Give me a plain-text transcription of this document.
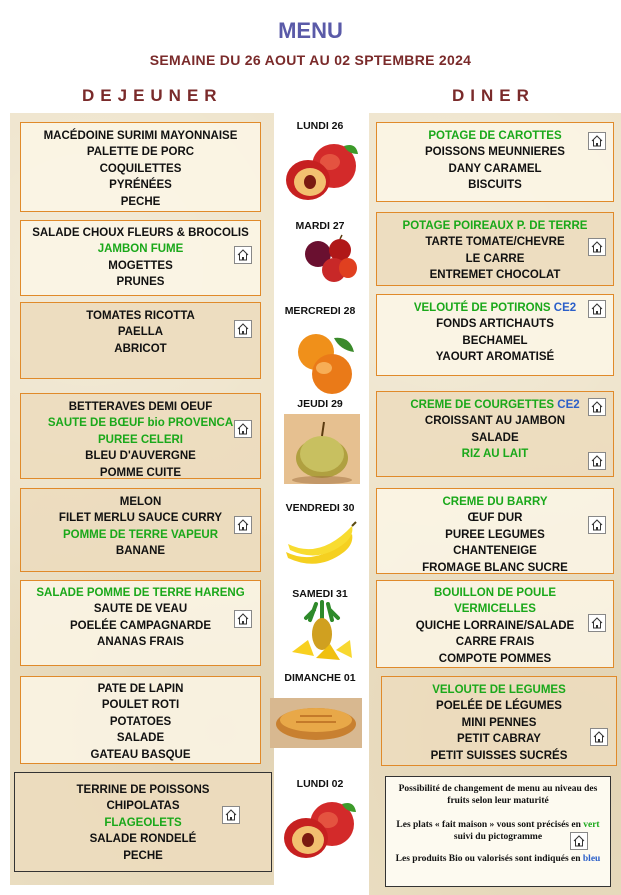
MENU
SEMAINE DU 26 AOUT AU 02 SPTEMBRE 2024
DEJEUNER	DINER
MACÉDOINE SURIMI MAYONNAISE
PALETTE DE PORC
COQUILETTES
PYRÉNÉES
PECHE
SALADE CHOUX FLEURS & BROCOLIS
JAMBON FUME
MOGETTES
PRUNES
TOMATES RICOTTA
PAELLA
ABRICOT
BETTERAVES DEMI OEUF
SAUTE DE BŒUF bio PROVENCA
PUREE CELERI
BLEU D'AUVERGNE
POMME CUITE
MELON
FILET MERLU SAUCE CURRY
POMME DE TERRE VAPEUR
BANANE
SALADE POMME DE TERRE HARENG
SAUTE DE VEAU
POELÉE CAMPAGNARDE
ANANAS FRAIS
PATE DE LAPIN
POULET ROTI
POTATOES
SALADE
GATEAU BASQUE
TERRINE DE POISSONS
CHIPOLATAS
FLAGEOLETS
SALADE RONDELÉ
PECHE
POTAGE DE CAROTTES
POISSONS MEUNNIERES
DANY CARAMEL
BISCUITS
POTAGE POIREAUX P. DE TERRE
TARTE TOMATE/CHEVRE
LE CARRE
ENTREMET CHOCOLAT
VELOUTÉ DE POTIRONS CE2
FONDS ARTICHAUTS
BECHAMEL
YAOURT AROMATISÉ
CREME DE COURGETTES CE2
CROISSANT AU JAMBON
SALADE
RIZ AU LAIT
CREME DU BARRY
ŒUF DUR
PUREE LEGUMES
CHANTENEIGE
FROMAGE BLANC SUCRE
BOUILLON DE POULE
VERMICELLES
QUICHE LORRAINE/SALADE
CARRE FRAIS
COMPOTE POMMES
VELOUTE DE LEGUMES
POELÉE DE LÉGUMES
MINI PENNES
PETIT CABRAY
PETIT SUISSES SUCRÉS
Possibilité de changement de menu au niveau des fruits selon leur maturité
Les plats « fait maison » vous sont précisés en vert suivi du pictogramme
Les produits Bio ou valorisés sont indiqués en bleu
LUNDI 26
MARDI 27
MERCREDI 28
JEUDI 29
VENDREDI 30
SAMEDI 31
DIMANCHE 01
LUNDI 02
